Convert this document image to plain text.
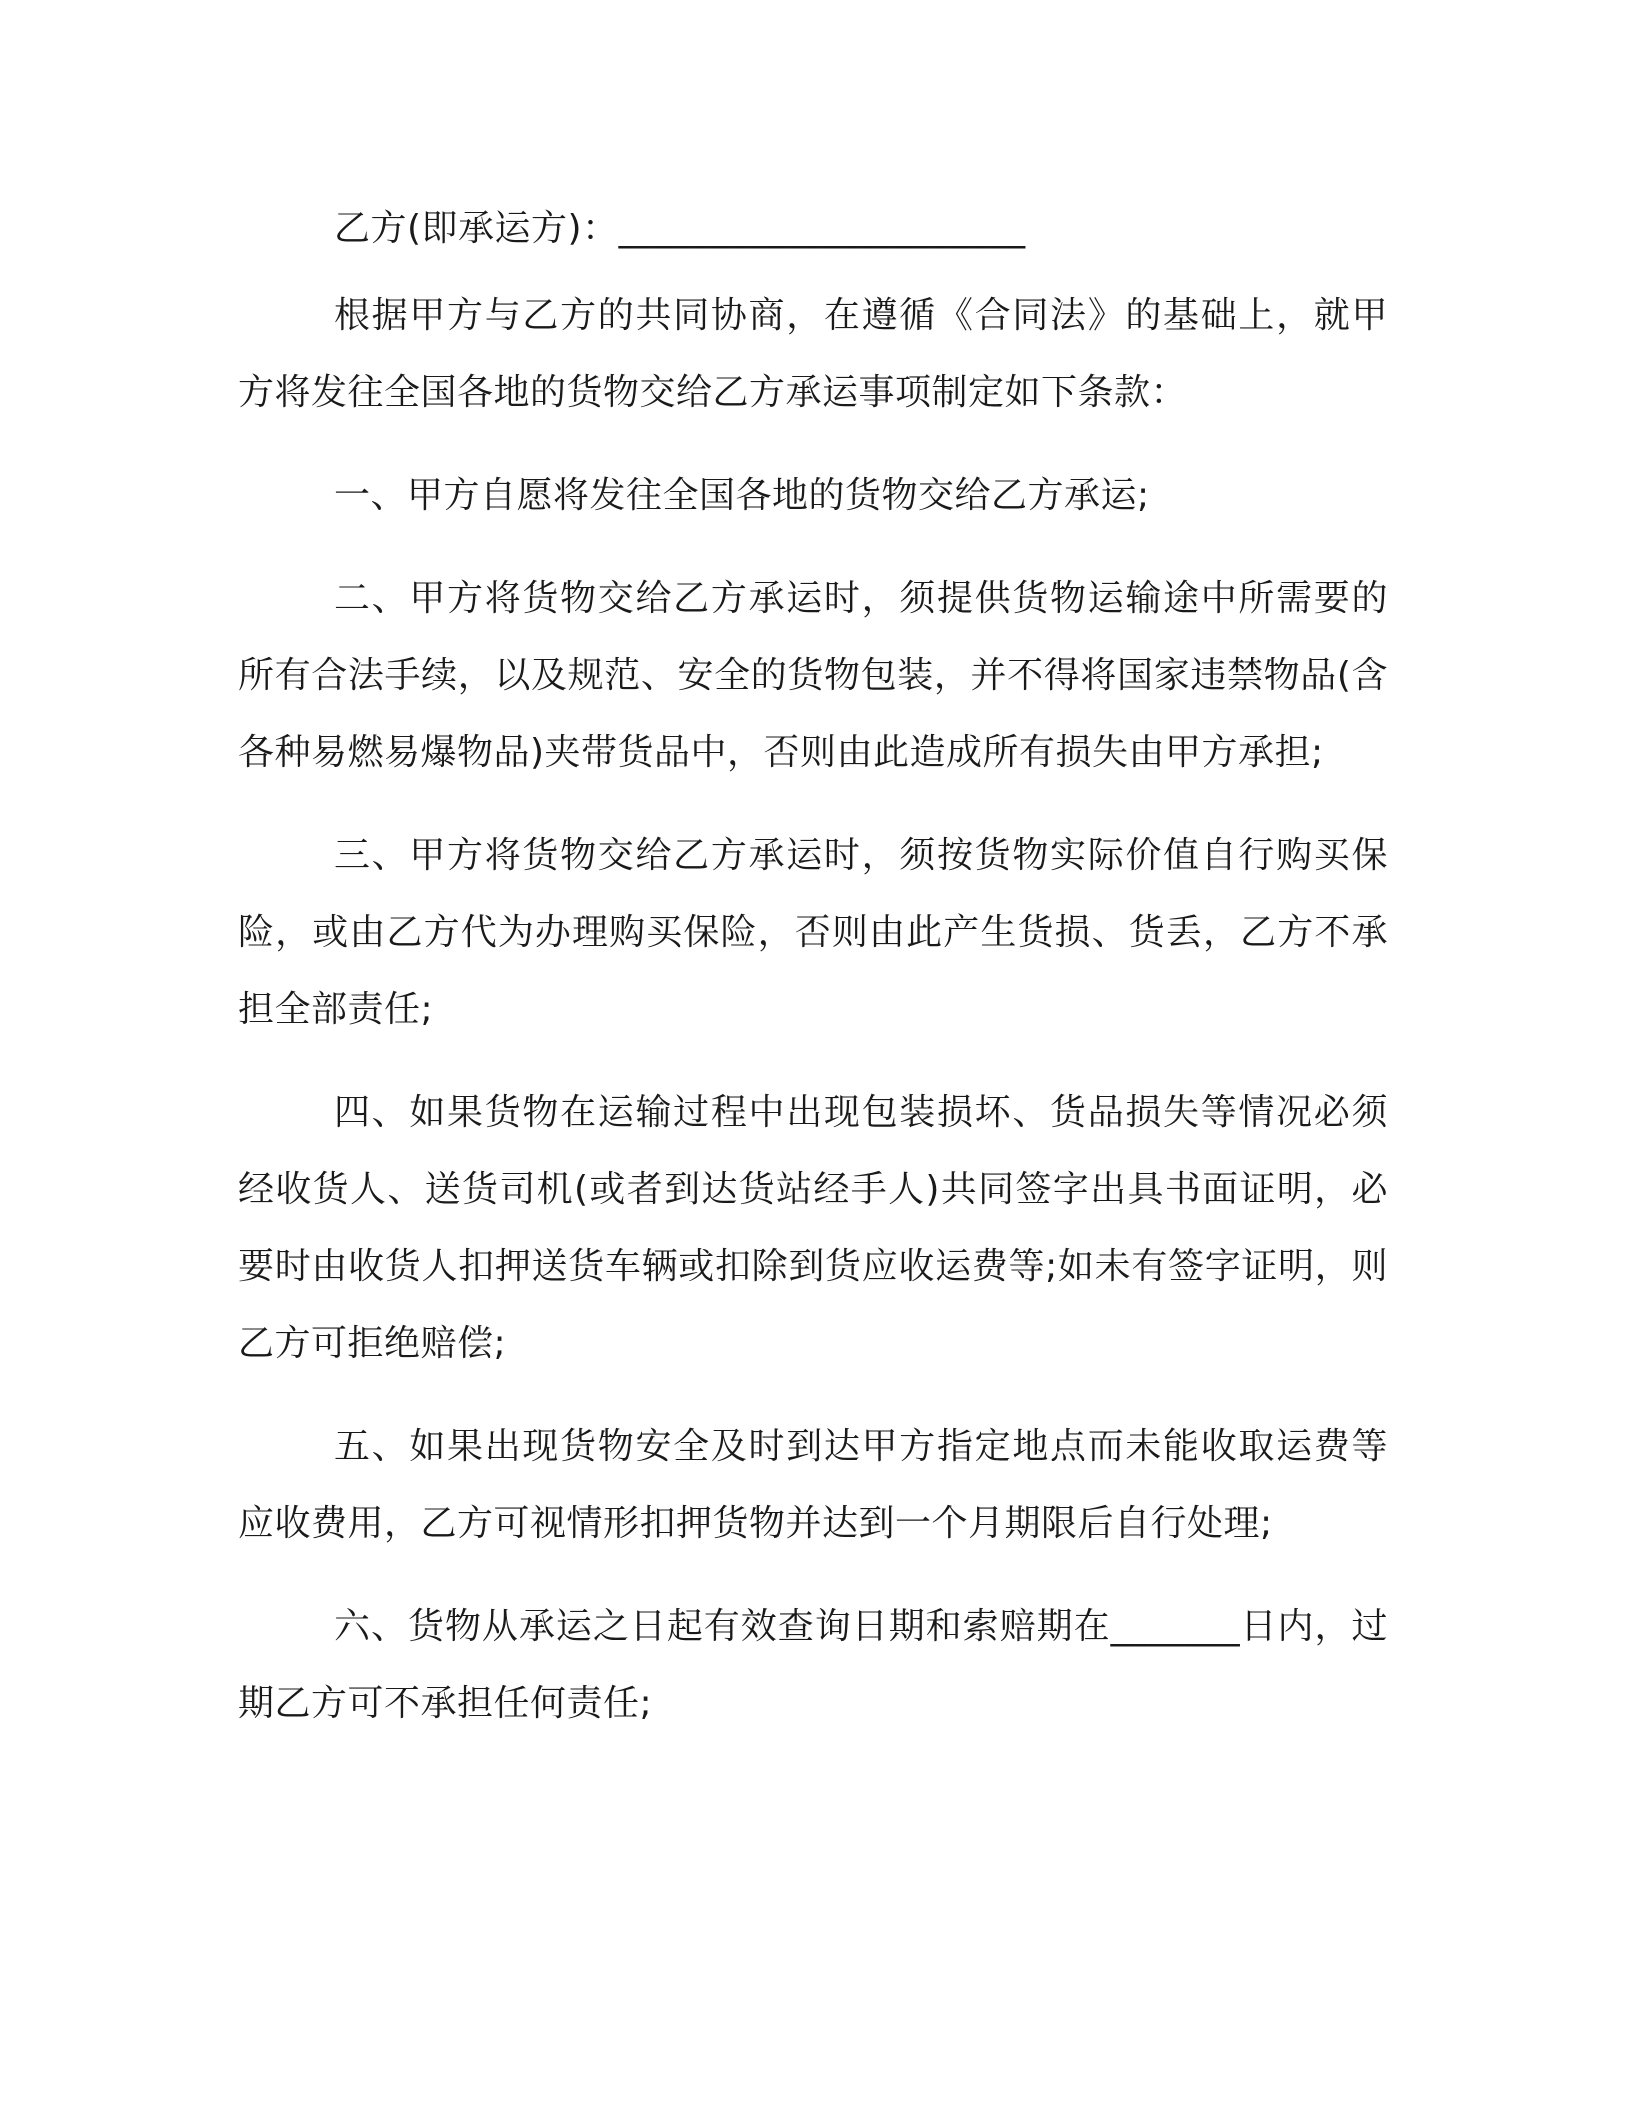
乙方(即承运方)：______________________

根据甲方与乙方的共同协商，在遵循《合同法》的基础上，就甲方将发往全国各地的货物交给乙方承运事项制定如下条款：

一、甲方自愿将发往全国各地的货物交给乙方承运;

二、甲方将货物交给乙方承运时，须提供货物运输途中所需要的所有合法手续，以及规范、安全的货物包装，并不得将国家违禁物品(含各种易燃易爆物品)夹带货品中，否则由此造成所有损失由甲方承担;

三、甲方将货物交给乙方承运时，须按货物实际价值自行购买保险，或由乙方代为办理购买保险，否则由此产生货损、货丢，乙方不承担全部责任;

四、如果货物在运输过程中出现包装损坏、货品损失等情况必须经收货人、送货司机(或者到达货站经手人)共同签字出具书面证明，必要时由收货人扣押送货车辆或扣除到货应收运费等;如未有签字证明，则乙方可拒绝赔偿;

五、如果出现货物安全及时到达甲方指定地点而未能收取运费等应收费用，乙方可视情形扣押货物并达到一个月期限后自行处理;

六、货物从承运之日起有效查询日期和索赔期在_______日内，过期乙方可不承担任何责任;
